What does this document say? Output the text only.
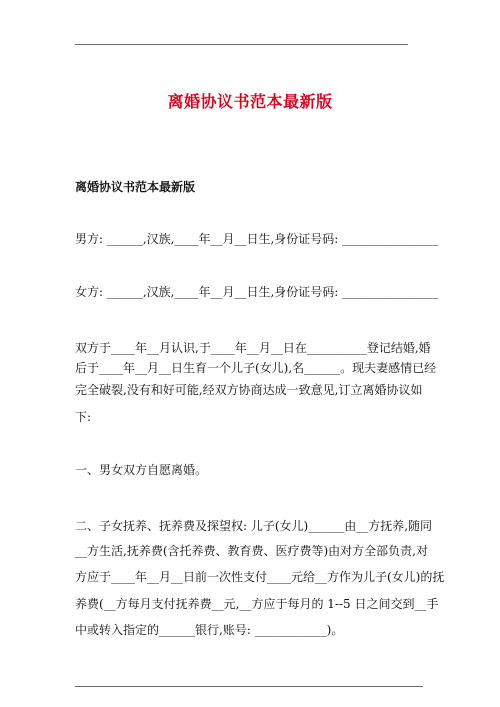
离婚协议书范本最新版
离婚协议书范本最新版
男方: ______,汉族,____年__月__日生,身份证号码: ________________
女方: ______,汉族,____年__月__日生,身份证号码: ________________
双方于____年__月认识,于____年__月__日在__________登记结婚,婚
后于____年__月__日生育一个儿子(女儿),名______。现夫妻感情已经
完全破裂,没有和好可能,经双方协商达成一致意见,订立离婚协议如
下:
一、男女双方自愿离婚。
二、子女抚养、抚养费及探望权: 儿子(女儿)______由__方抚养,随同
__方生活,抚养费(含托养费、教育费、医疗费等)由对方全部负责,对
方应于____年__月__日前一次性支付____元给__方作为儿子(女儿)的抚
养费(__方每月支付抚养费__元,__方应于每月的 1--5 日之间交到__手
中或转入指定的______银行,账号: ____________)。
